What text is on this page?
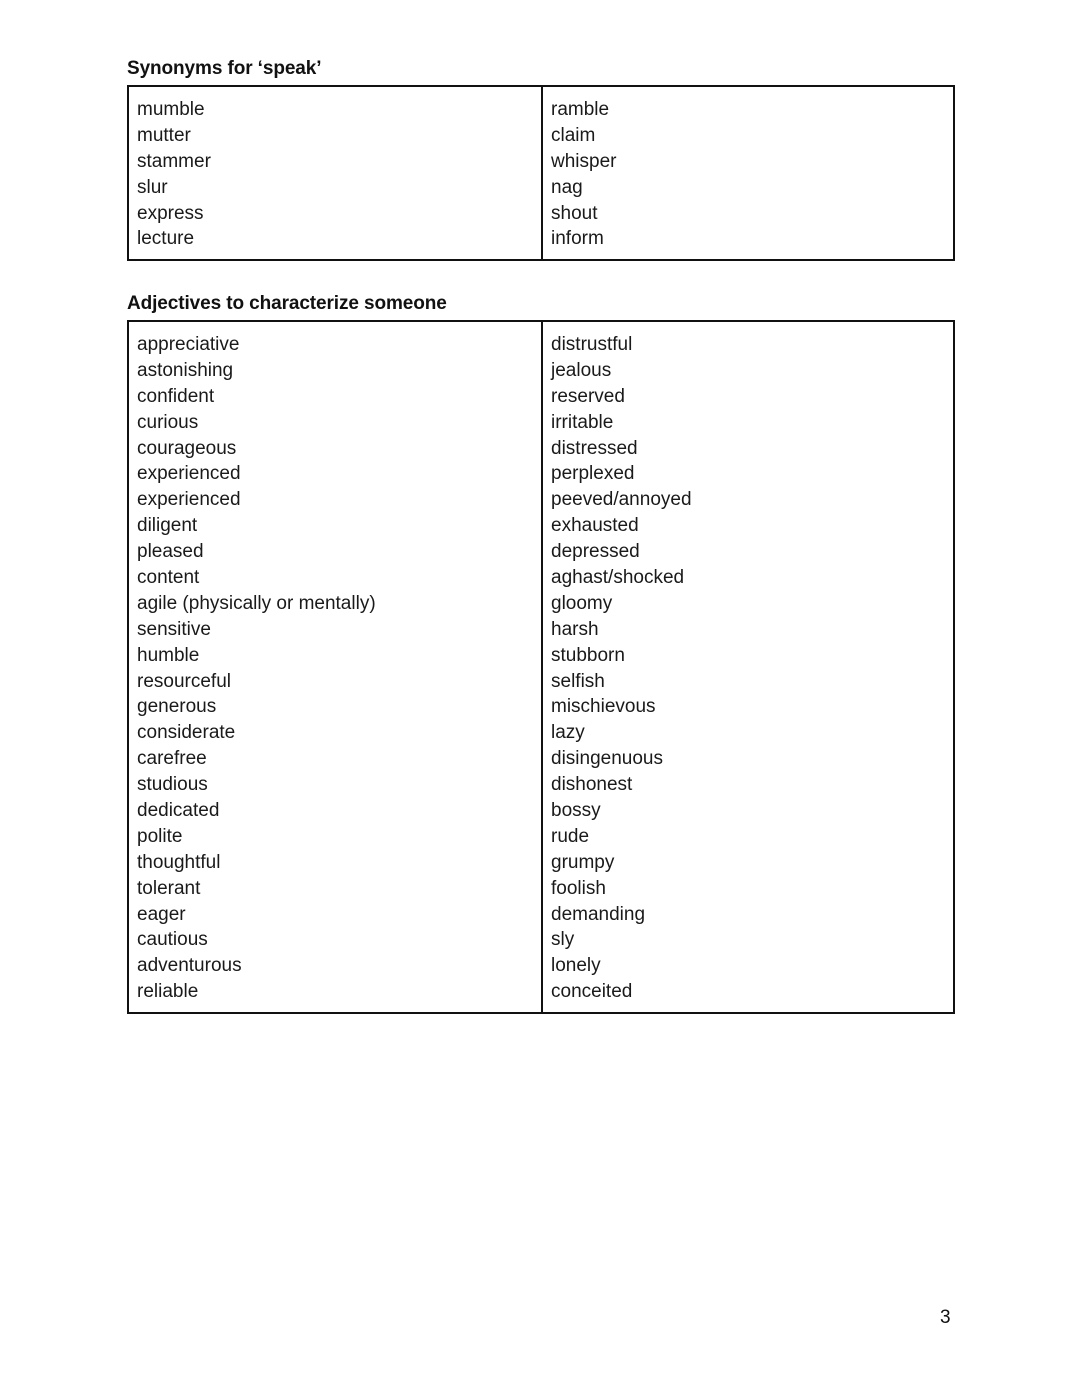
Synonyms for ‘speak’
mumble
mutter
stammer
slur
express
lecture
ramble
claim
whisper
nag
shout
inform
Adjectives to characterize someone
appreciative
astonishing
confident
curious
courageous
experienced
experienced
diligent
pleased
content
agile (physically or mentally)
sensitive
humble
resourceful
generous
considerate
carefree
studious
dedicated
polite
thoughtful
tolerant
eager
cautious
adventurous
reliable
distrustful
jealous
reserved
irritable
distressed
perplexed
peeved/annoyed
exhausted
depressed
aghast/shocked
gloomy
harsh
stubborn
selfish
mischievous
lazy
disingenuous
dishonest
bossy
rude
grumpy
foolish
demanding
sly
lonely
conceited
3
